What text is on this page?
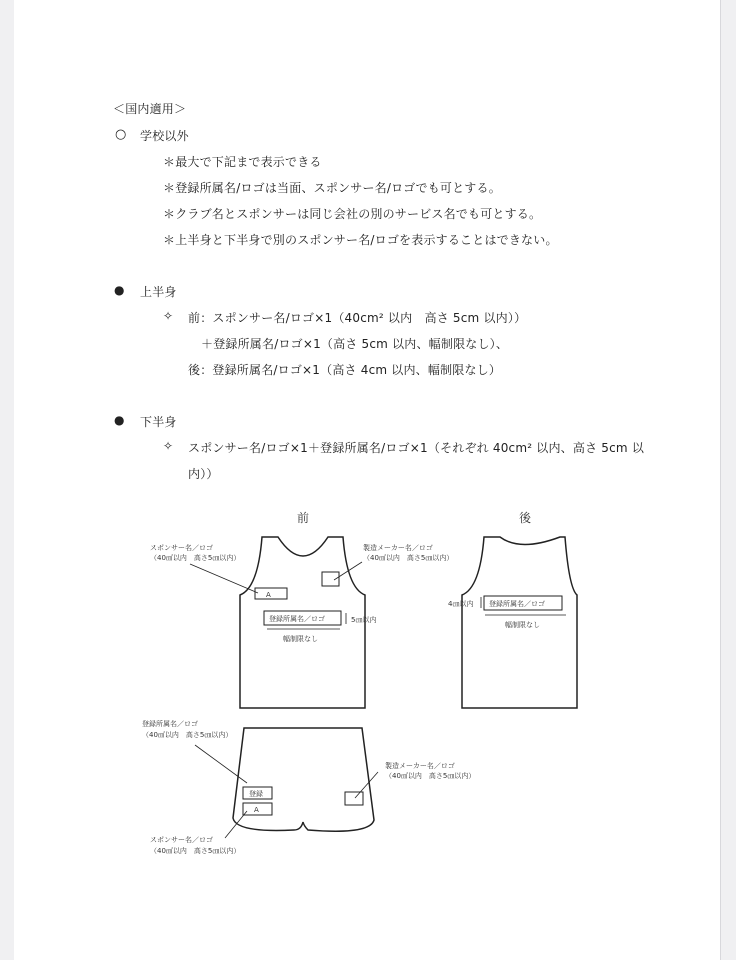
＜国内適用＞
○ 学校以外
＊最大で下記まで表示できる
＊登録所属名/ロゴは当面、スポンサー名/ロゴでも可とする。
＊クラブ名とスポンサーは同じ会社の別のサービス名でも可とする。
＊上半身と下半身で別のスポンサー名/ロゴを表示することはできない。
● 上半身
✧ 前：スポンサー名/ロゴ×1（40cm² 以内　高さ 5cm 以内））
＋登録所属名/ロゴ×1（高さ 5cm 以内、幅制限なし）、
後：登録所属名/ロゴ×1（高さ 4cm 以内、幅制限なし）
● 下半身
✧ スポンサー名/ロゴ×1＋登録所属名/ロゴ×1（それぞれ 40cm² 以内、高さ 5cm 以
内））
前	後
スポンサー名／ロゴ
（40㎠以内　高さ5㎝以内）
製造メーカー名／ロゴ
（40㎠以内　高さ5㎝以内）
A
登録所属名／ロゴ	5㎝以内
幅制限なし
4㎝以内 登録所属名／ロゴ
幅制限なし
登録所属名／ロゴ
（40㎠以内　高さ5㎝以内）
登録
A
製造メーカー名／ロゴ
（40㎠以内　高さ5㎝以内）
スポンサー名／ロゴ
（40㎠以内　高さ5㎝以内）
